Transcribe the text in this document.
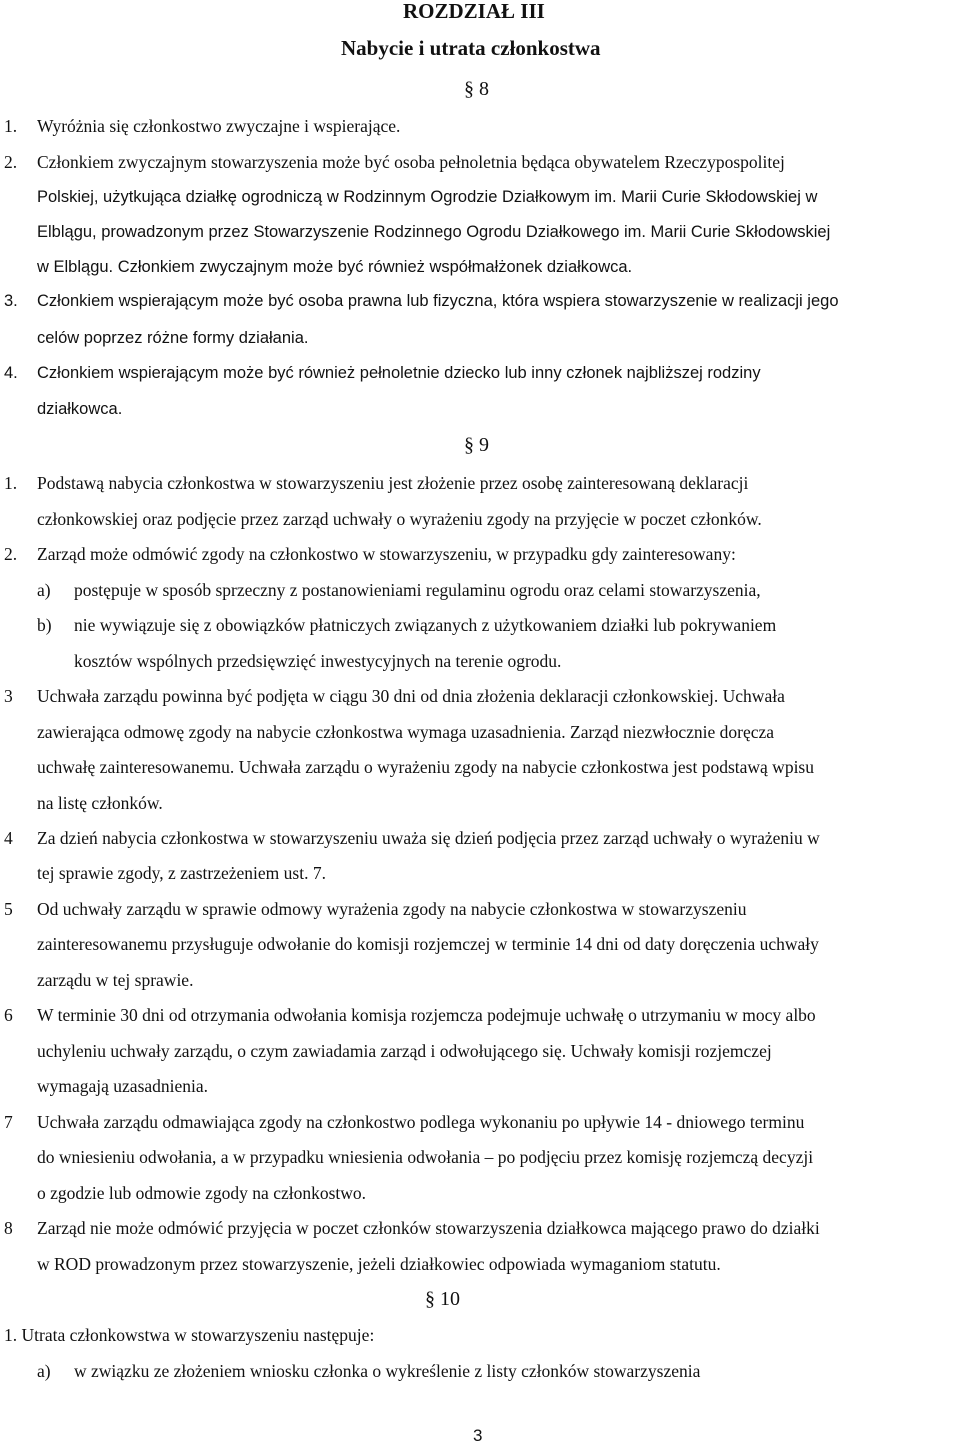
ROZDZIAŁ III
Nabycie i utrata członkostwa
§ 8
1. Wyróżnia się członkostwo zwyczajne i wspierające.
2. Członkiem zwyczajnym stowarzyszenia może być osoba pełnoletnia będąca obywatelem Rzeczypospolitej
Polskiej, użytkująca działkę ogrodniczą w Rodzinnym Ogrodzie Działkowym im. Marii Curie Skłodowskiej w
Elblągu, prowadzonym przez Stowarzyszenie Rodzinnego Ogrodu Działkowego im. Marii Curie Skłodowskiej
w Elblągu. Członkiem zwyczajnym może być również współmałżonek działkowca.
3. Członkiem wspierającym może być osoba prawna lub fizyczna, która wspiera stowarzyszenie w realizacji jego
celów poprzez różne formy działania.
4. Członkiem wspierającym może być również pełnoletnie dziecko lub inny członek najbliższej rodziny
działkowca.
§ 9
1. Podstawą nabycia członkostwa w stowarzyszeniu jest złożenie przez osobę zainteresowaną deklaracji
członkowskiej oraz podjęcie przez zarząd uchwały o wyrażeniu zgody na przyjęcie w poczet członków.
2. Zarząd może odmówić zgody na członkostwo w stowarzyszeniu, w przypadku gdy zainteresowany:
a) postępuje w sposób sprzeczny z postanowieniami regulaminu ogrodu oraz celami stowarzyszenia,
b) nie wywiązuje się z obowiązków płatniczych związanych z użytkowaniem działki lub pokrywaniem
kosztów wspólnych przedsięwzięć inwestycyjnych na terenie ogrodu.
3 Uchwała zarządu powinna być podjęta w ciągu 30 dni od dnia złożenia deklaracji członkowskiej. Uchwała
zawierająca odmowę zgody na nabycie członkostwa wymaga uzasadnienia. Zarząd niezwłocznie doręcza
uchwałę zainteresowanemu. Uchwała zarządu o wyrażeniu zgody na nabycie członkostwa jest podstawą wpisu
na listę członków.
4 Za dzień nabycia członkostwa w stowarzyszeniu uważa się dzień podjęcia przez zarząd uchwały o wyrażeniu w
tej sprawie zgody, z zastrzeżeniem ust. 7.
5 Od uchwały zarządu w sprawie odmowy wyrażenia zgody na nabycie członkostwa w stowarzyszeniu
zainteresowanemu przysługuje odwołanie do komisji rozjemczej w terminie 14 dni od daty doręczenia uchwały
zarządu w tej sprawie.
6 W terminie 30 dni od otrzymania odwołania komisja rozjemcza podejmuje uchwałę o utrzymaniu w mocy albo
uchyleniu uchwały zarządu, o czym zawiadamia zarząd i odwołującego się. Uchwały komisji rozjemczej
wymagają uzasadnienia.
7 Uchwała zarządu odmawiająca zgody na członkostwo podlega wykonaniu po upływie 14 - dniowego terminu
do wniesieniu odwołania, a w przypadku wniesienia odwołania – po podjęciu przez komisję rozjemczą decyzji
o zgodzie lub odmowie zgody na członkostwo.
8 Zarząd nie może odmówić przyjęcia w poczet członków stowarzyszenia działkowca mającego prawo do działki
w ROD prowadzonym przez stowarzyszenie, jeżeli działkowiec odpowiada wymaganiom statutu.
§ 10
1. Utrata członkowstwa w stowarzyszeniu następuje:
a) w związku ze złożeniem wniosku członka o wykreślenie z listy członków stowarzyszenia
3
